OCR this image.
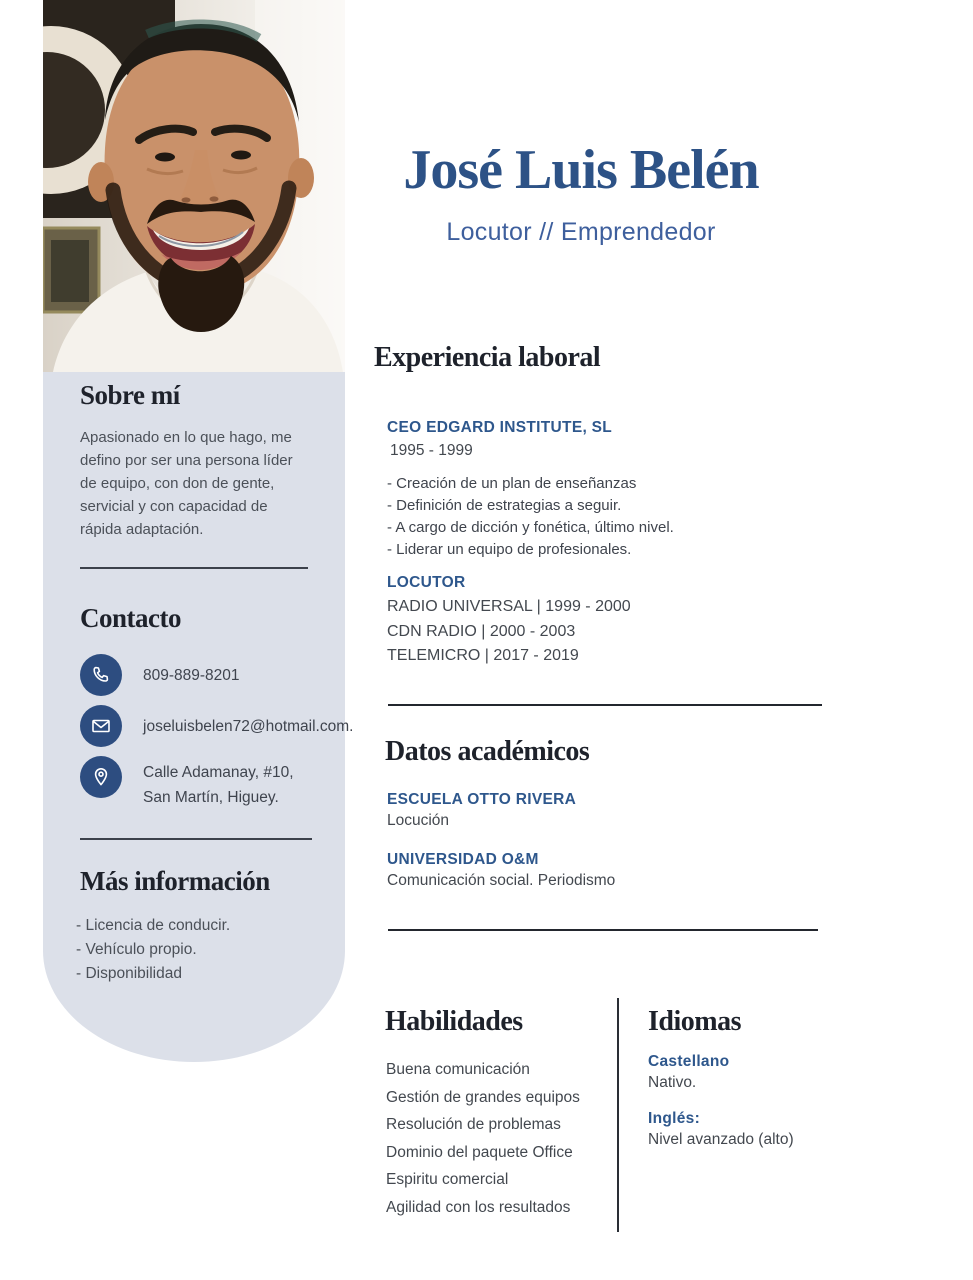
Sobre mí

Apasionado en lo que hago, me defino por ser una persona líder de equipo, con don de gente, servicial y con capacidad de rápida adaptación.

Contacto
809-889-8201
joseluisbelen72@hotmail.com.
Calle Adamanay, #10, San Martín, Higuey.
Más información
- Licencia de conducir.
- Vehículo propio.
- Disponibilidad
José Luis Belén
Locutor // Emprendedor
Experiencia laboral
CEO EDGARD INSTITUTE, SL
1995 - 1999
- Creación de un plan de enseñanzas
- Definición de estrategias a seguir.
- A cargo de dicción y fonética, último nivel.
- Liderar un equipo de profesionales.
LOCUTOR
RADIO UNIVERSAL | 1999 - 2000
CDN RADIO | 2000 - 2003
TELEMICRO | 2017 - 2019
Datos académicos
ESCUELA OTTO RIVERA
Locución
UNIVERSIDAD O&M
Comunicación social. Periodismo
Habilidades
Buena comunicación
Gestión de grandes equipos
Resolución de problemas
Dominio del paquete Office
Espiritu comercial
Agilidad con los resultados
Idiomas
Castellano
Nativo.
Inglés:
Nivel avanzado (alto)
